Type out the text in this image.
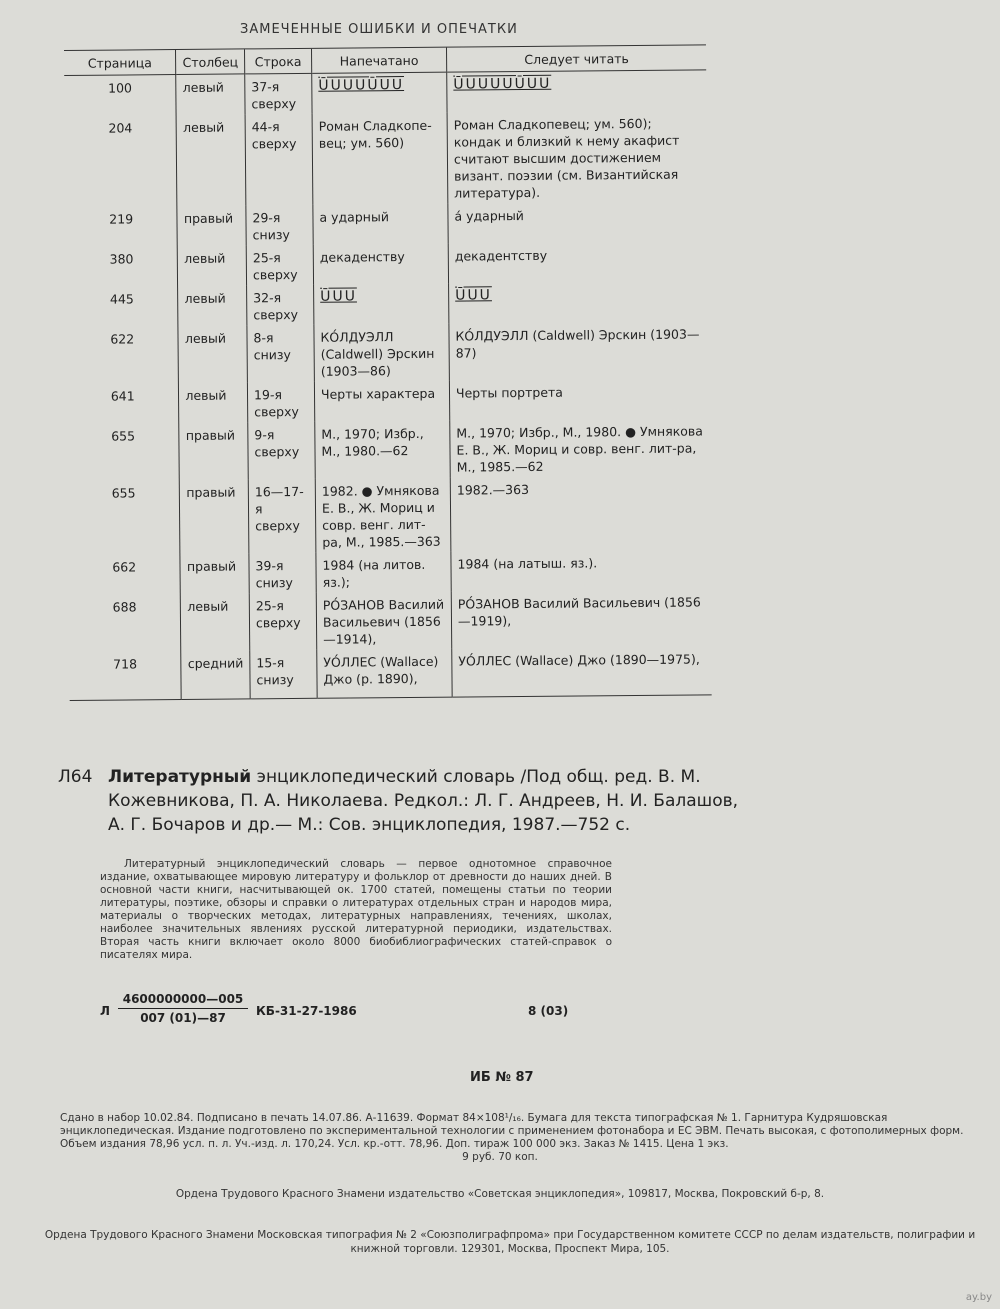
ЗАМЕЧЕННЫЕ ОШИБКИ И ОПЕЧАТКИ
Страница	Столбец	Строка	Напечатано	Следует читать
100	левый	37-я сверху	ŪUUUŪUU	ŪUUUUŪUU
204	левый	44-я сверху	Роман Сладкопе-вец; ум. 560)	Роман Сладкопевец; ум. 560); кондак и близкий к нему акафист считают высшим достижением визант. поэзии (см. Византийская литература).
219	правый	29-я снизу	а ударный	а́ ударный
380	левый	25-я сверху	декаденству	декадентству
445	левый	32-я сверху	ŪUU	ŪUU
622	левый	8-я снизу	КО́ЛДУЭЛЛ (Caldwell) Эрскин (1903—86)	КО́ЛДУЭЛЛ (Caldwell) Эрскин (1903—87)
641	левый	19-я сверху	Черты характера	Черты портрета
655	правый	9-я сверху	М., 1970; Избр., М., 1980.—62	М., 1970; Избр., М., 1980. ● Умнякова Е. В., Ж. Мориц и совр. венг. лит-ра, М., 1985.—62
655	правый	16—17-я сверху	1982. ● Умнякова Е. В., Ж. Мориц и совр. венг. лит-ра, М., 1985.—363	1982.—363
662	правый	39-я снизу	1984 (на литов. яз.);	1984 (на латыш. яз.).
688	левый	25-я сверху	РО́ЗАНОВ Василий Васильевич (1856—1914),	РО́ЗАНОВ Василий Васильевич (1856—1919),
718	средний	15-я снизу	УО́ЛЛЕС (Wallace) Джо (р. 1890),	УО́ЛЛЕС (Wallace) Джо (1890—1975),
Л64 Литературный энциклопедический словарь /Под общ. ред. В. М. Кожевникова, П. А. Николаева. Редкол.: Л. Г. Андреев, Н. И. Балашов, А. Г. Бочаров и др.— М.: Сов. энциклопедия, 1987.—752 с.
Литературный энциклопедический словарь — первое однотомное справочное издание, охватывающее мировую литературу и фольклор от древности до наших дней. В основной части книги, насчитывающей ок. 1700 статей, помещены статьи по теории литературы, поэтике, обзоры и справки о литературах отдельных стран и народов мира, материалы о творческих методах, литературных направлениях, течениях, школах, наиболее значительных явлениях русской литературной периодики, издательствах. Вторая часть книги включает около 8000 биобиблиографических статей-справок о писателях мира.
Л $\frac{4600000000—005}{007 (01)—87} КБ-31-27-1986$	8 (03)
ИБ № 87
Сдано в набор 10.02.84. Подписано в печать 14.07.86. А-11639. Формат 84×108¹/₁₆. Бумага для текста типографская № 1. Гарнитура Кудряшовская энциклопедическая. Издание подготовлено по экспериментальной технологии с применением фотонабора и ЕС ЭВМ. Печать высокая, с фотополимерных форм. Объем издания 78,96 усл. п. л. Уч.-изд. л. 170,24. Усл. кр.-отт. 78,96. Доп. тираж 100 000 экз. Заказ № 1415. Цена 1 экз.
9 руб. 70 коп.
Ордена Трудового Красного Знамени издательство «Советская энциклопедия», 109817, Москва, Покровский б-р, 8.
Ордена Трудового Красного Знамени Московская типография № 2 «Союзполиграфпрома» при Государственном комитете СССР по делам издательств, полиграфии и книжной торговли. 129301, Москва, Проспект Мира, 105.
ay.by
